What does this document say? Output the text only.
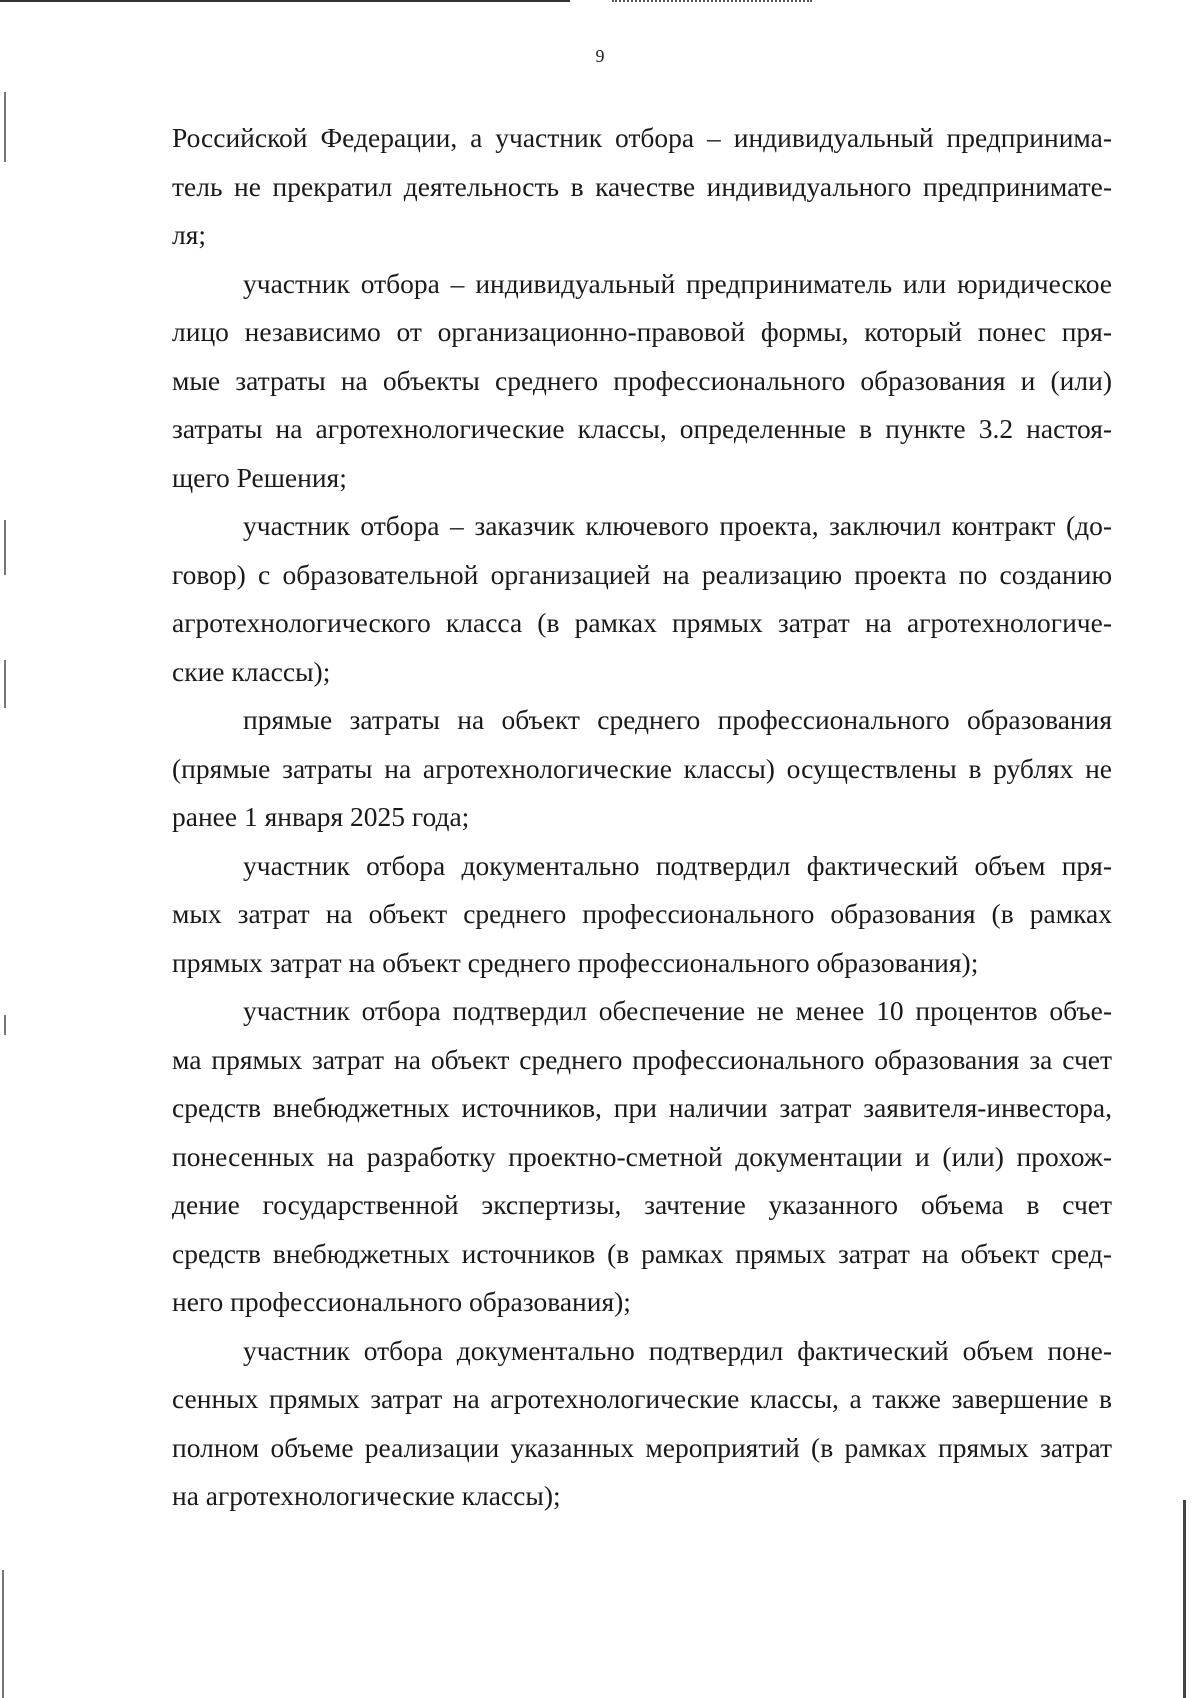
9
Российской Федерации, а участник отбора – индивидуальный предпринима-
тель не прекратил деятельность в качестве индивидуального предпринимате-
ля;
участник отбора – индивидуальный предприниматель или юридическое
лицо независимо от организационно-правовой формы, который понес пря-
мые затраты на объекты среднего профессионального образования и (или)
затраты на агротехнологические классы, определенные в пункте 3.2 настоя-
щего Решения;
участник отбора – заказчик ключевого проекта, заключил контракт (до-
говор) с образовательной организацией на реализацию проекта по созданию
агротехнологического класса (в рамках прямых затрат на агротехнологиче-
ские классы);
прямые затраты на объект среднего профессионального образования
(прямые затраты на агротехнологические классы) осуществлены в рублях не
ранее 1 января 2025 года;
участник отбора документально подтвердил фактический объем пря-
мых затрат на объект среднего профессионального образования (в рамках
прямых затрат на объект среднего профессионального образования);
участник отбора подтвердил обеспечение не менее 10 процентов объе-
ма прямых затрат на объект среднего профессионального образования за счет
средств внебюджетных источников, при наличии затрат заявителя-инвестора,
понесенных на разработку проектно-сметной документации и (или) прохож-
дение государственной экспертизы, зачтение указанного объема в счет
средств внебюджетных источников (в рамках прямых затрат на объект сред-
него профессионального образования);
участник отбора документально подтвердил фактический объем поне-
сенных прямых затрат на агротехнологические классы, а также завершение в
полном объеме реализации указанных мероприятий (в рамках прямых затрат
на агротехнологические классы);
